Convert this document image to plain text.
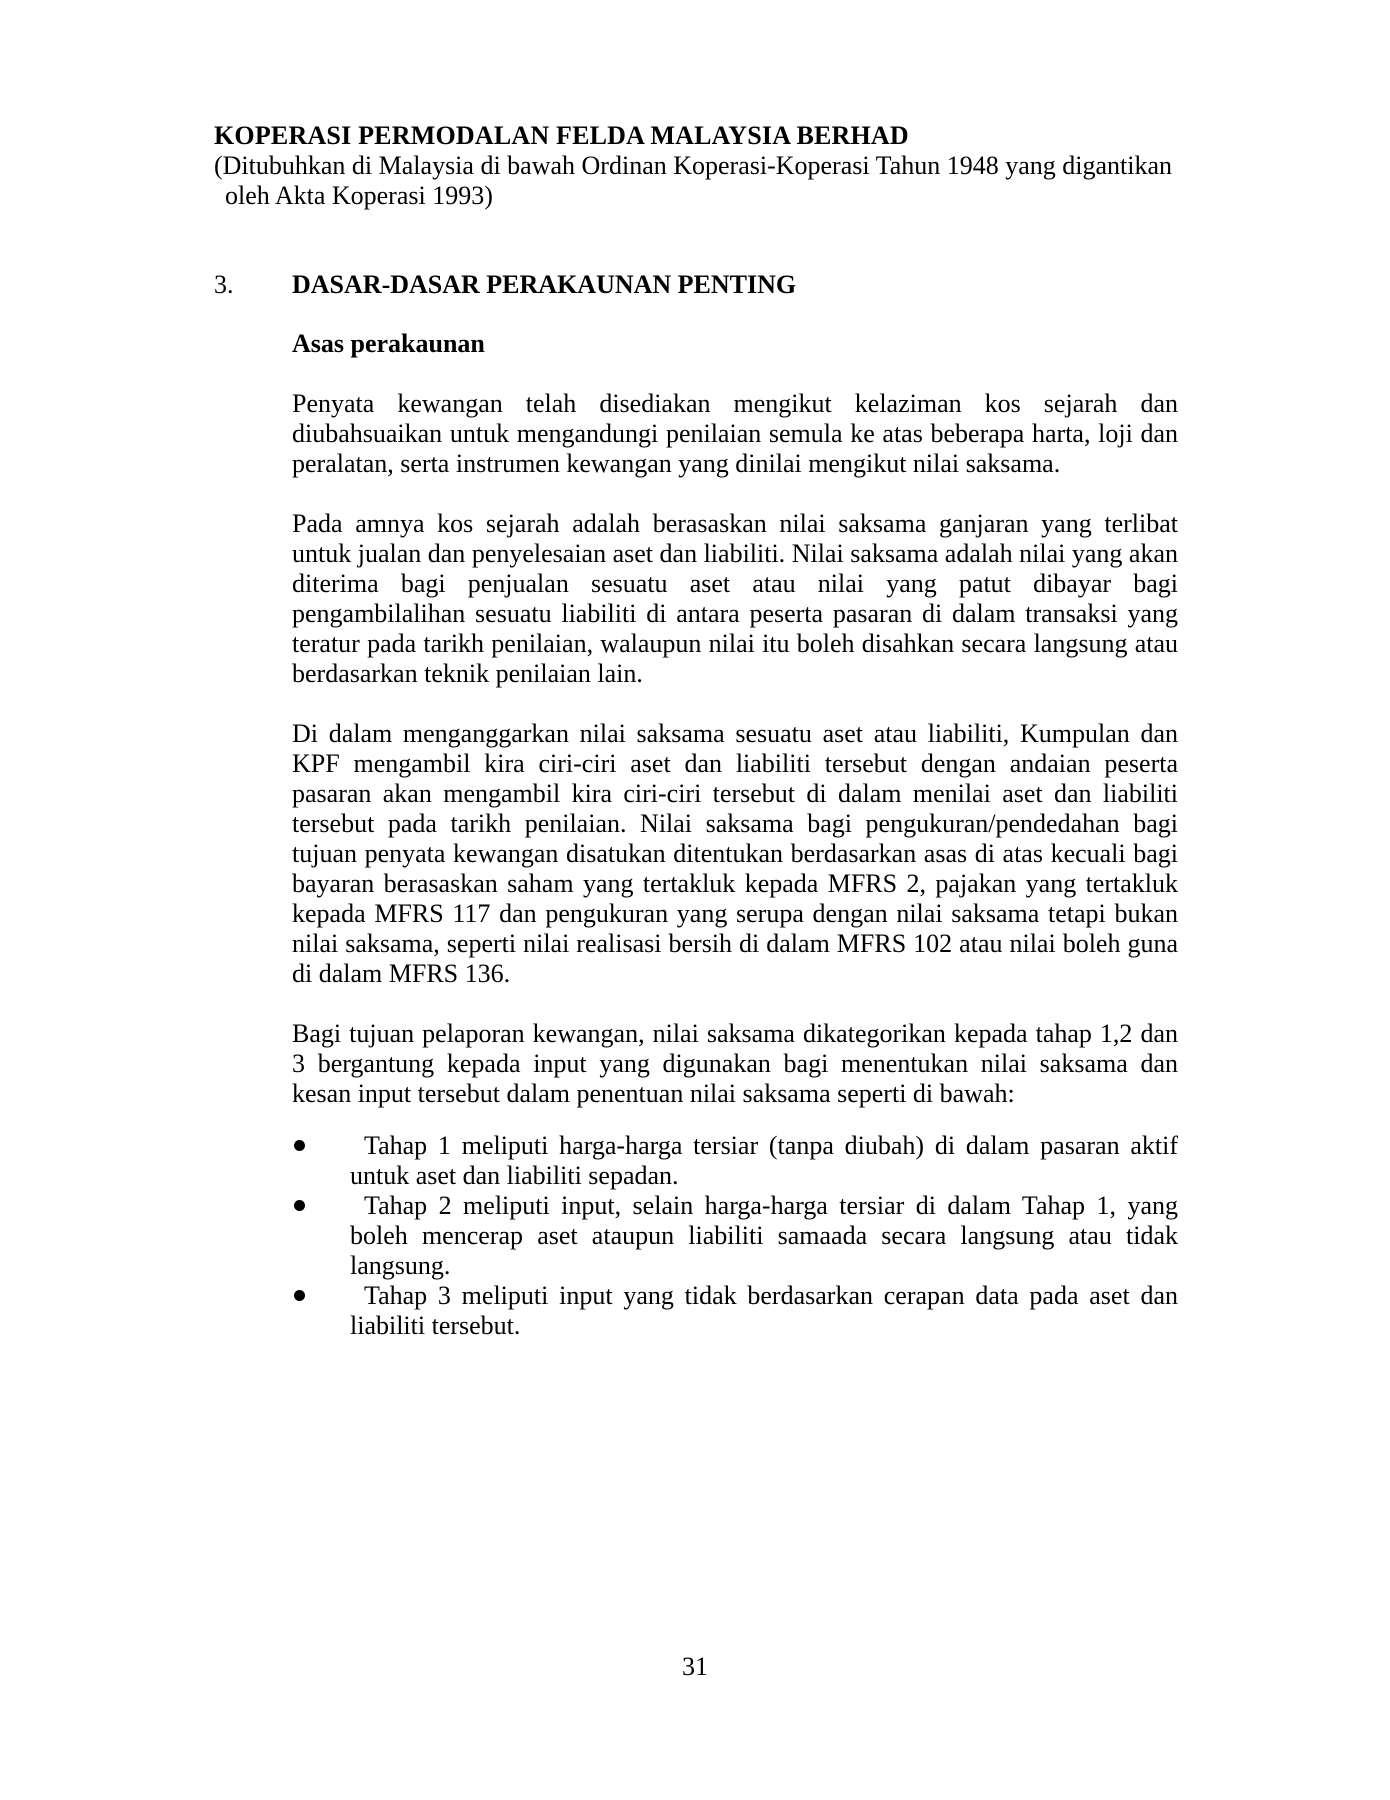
KOPERASI PERMODALAN FELDA MALAYSIA BERHAD
(Ditubuhkan di Malaysia di bawah Ordinan Koperasi-Koperasi Tahun 1948 yang digantikan
oleh Akta Koperasi 1993)
3.	DASAR-DASAR PERAKAUNAN PENTING
Asas perakaunan

Penyata kewangan telah disediakan mengikut kelaziman kos sejarah dan diubahsuaikan untuk mengandungi penilaian semula ke atas beberapa harta, loji dan peralatan, serta instrumen kewangan yang dinilai mengikut nilai saksama.

Pada amnya kos sejarah adalah berasaskan nilai saksama ganjaran yang terlibat untuk jualan dan penyelesaian aset dan liabiliti. Nilai saksama adalah nilai yang akan diterima bagi penjualan sesuatu aset atau nilai yang patut dibayar bagi pengambilalihan sesuatu liabiliti di antara peserta pasaran di dalam transaksi yang teratur pada tarikh penilaian, walaupun nilai itu boleh disahkan secara langsung atau berdasarkan teknik penilaian lain.

Di dalam menganggarkan nilai saksama sesuatu aset atau liabiliti, Kumpulan dan KPF mengambil kira ciri-ciri aset dan liabiliti tersebut dengan andaian peserta pasaran akan mengambil kira ciri-ciri tersebut di dalam menilai aset dan liabiliti tersebut pada tarikh penilaian. Nilai saksama bagi pengukuran/pendedahan bagi tujuan penyata kewangan disatukan ditentukan berdasarkan asas di atas kecuali bagi bayaran berasaskan saham yang tertakluk kepada MFRS 2, pajakan yang tertakluk kepada MFRS 117 dan pengukuran yang serupa dengan nilai saksama tetapi bukan nilai saksama, seperti nilai realisasi bersih di dalam MFRS 102 atau nilai boleh guna di dalam MFRS 136.

Bagi tujuan pelaporan kewangan, nilai saksama dikategorikan kepada tahap 1,2 dan 3 bergantung kepada input yang digunakan bagi menentukan nilai saksama dan kesan input tersebut dalam penentuan nilai saksama seperti di bawah:

Tahap 1 meliputi harga-harga tersiar (tanpa diubah) di dalam pasaran aktif untuk aset dan liabiliti sepadan.
Tahap 2 meliputi input, selain harga-harga tersiar di dalam Tahap 1, yang boleh mencerap aset ataupun liabiliti samaada secara langsung atau tidak langsung.
Tahap 3 meliputi input yang tidak berdasarkan cerapan data pada aset dan liabiliti tersebut.
31
